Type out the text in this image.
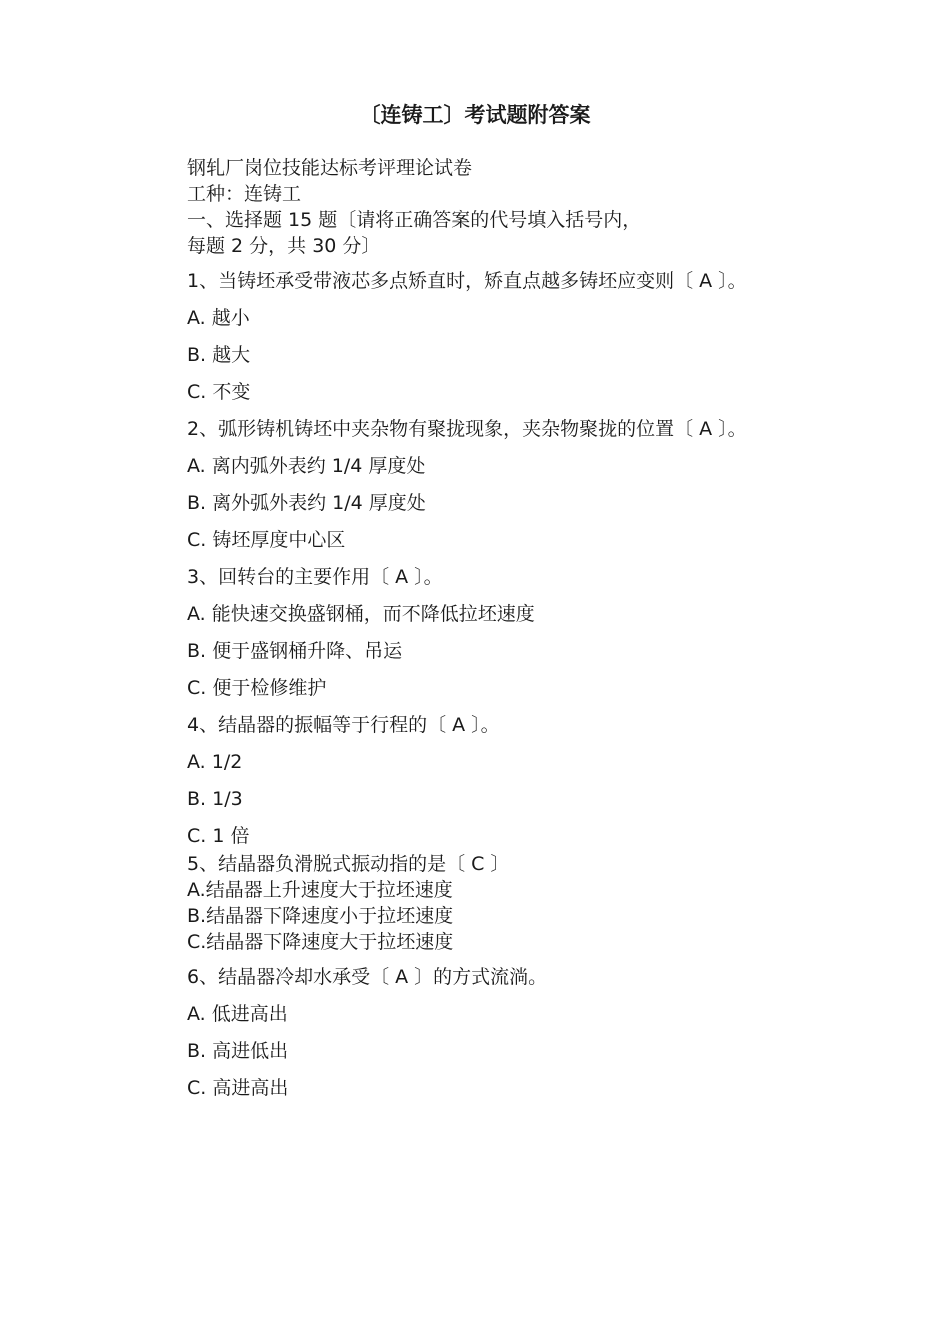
〔连铸工〕考试题附答案
钢轧厂岗位技能达标考评理论试卷
工种：连铸工
一、选择题 15 题〔请将正确答案的代号填入括号内，
每题 2 分，共 30 分〕
1、当铸坯承受带液芯多点矫直时，矫直点越多铸坯应变则〔 A 〕。
A. 越小
B. 越大
C. 不变
2、弧形铸机铸坯中夹杂物有聚拢现象，夹杂物聚拢的位置〔 A 〕。
A. 离内弧外表约 1/4 厚度处
B. 离外弧外表约 1/4 厚度处
C. 铸坯厚度中心区
3、回转台的主要作用〔 A 〕。
A. 能快速交换盛钢桶，而不降低拉坯速度
B. 便于盛钢桶升降、吊运
C. 便于检修维护
4、结晶器的振幅等于行程的〔 A 〕。
A. 1/2
B. 1/3
C. 1 倍
5、结晶器负滑脱式振动指的是〔 C 〕
A.结晶器上升速度大于拉坯速度
B.结晶器下降速度小于拉坯速度
C.结晶器下降速度大于拉坯速度
6、结晶器冷却水承受〔 A 〕的方式流淌。
A. 低进高出
B. 高进低出
C. 高进高出
